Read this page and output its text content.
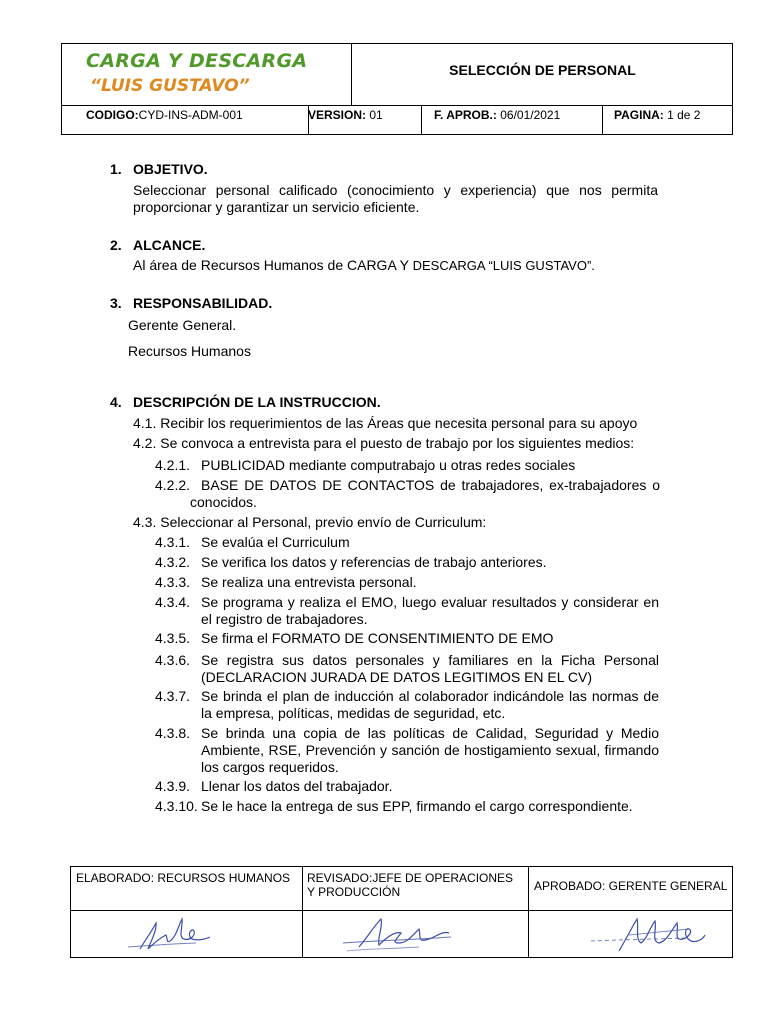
CARGA Y DESCARGA
“LUIS GUSTAVO”
SELECCIÓN DE PERSONAL
CODIGO:CYD-INS-ADM-001	VERSION: 01	F. APROB.: 06/01/2021	PAGINA: 1 de 2
1. OBJETIVO.
Seleccionar personal calificado (conocimiento y experiencia) que nos permita proporcionar y garantizar un servicio eficiente.
2. ALCANCE.
Al área de Recursos Humanos de CARGA Y DESCARGA “LUIS GUSTAVO”.
3. RESPONSABILIDAD.
Gerente General.
Recursos Humanos
4. DESCRIPCIÓN DE LA INSTRUCCION.
4.1. Recibir los requerimientos de las Áreas que necesita personal para su apoyo
4.2. Se convoca a entrevista para el puesto de trabajo por los siguientes medios:
4.2.1. PUBLICIDAD mediante computrabajo u otras redes sociales
4.2.2. BASE DE DATOS DE CONTACTOS de trabajadores, ex-trabajadores o conocidos.
4.3. Seleccionar al Personal, previo envío de Curriculum:
4.3.1. Se evalúa el Curriculum
4.3.2. Se verifica los datos y referencias de trabajo anteriores.
4.3.3. Se realiza una entrevista personal.
4.3.4. Se programa y realiza el EMO, luego evaluar resultados y considerar en el registro de trabajadores.
4.3.5. Se firma el FORMATO DE CONSENTIMIENTO DE EMO
4.3.6. Se registra sus datos personales y familiares en la Ficha Personal (DECLARACION JURADA DE DATOS LEGITIMOS EN EL CV)
4.3.7. Se brinda el plan de inducción al colaborador indicándole las normas de la empresa, políticas, medidas de seguridad, etc.
4.3.8. Se brinda una copia de las políticas de Calidad, Seguridad y Medio Ambiente, RSE, Prevención y sanción de hostigamiento sexual, firmando los cargos requeridos.
4.3.9. Llenar los datos del trabajador.
4.3.10. Se le hace la entrega de sus EPP, firmando el cargo correspondiente.
ELABORADO: RECURSOS HUMANOS	REVISADO:JEFE DE OPERACIONES Y PRODUCCIÓN	APROBADO: GERENTE GENERAL
